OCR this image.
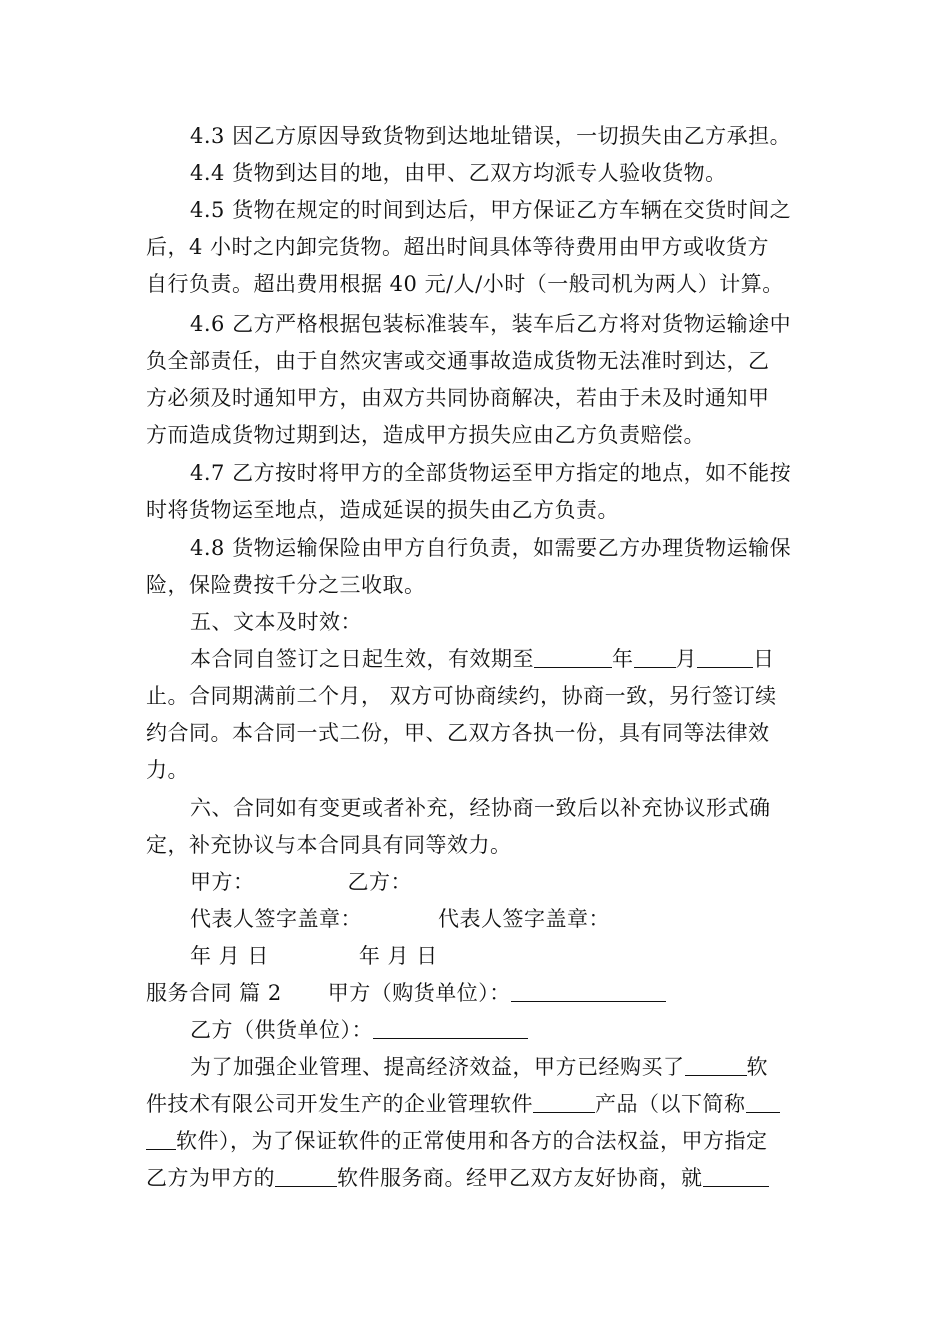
4.3 因乙方原因导致货物到达地址错误，一切损失由乙方承担。
4.4 货物到达目的地，由甲、乙双方均派专人验收货物。
4.5 货物在规定的时间到达后，甲方保证乙方车辆在交货时间之
后，4 小时之内卸完货物。超出时间具体等待费用由甲方或收货方
自行负责。超出费用根据 40 元/人/小时（一般司机为两人）计算。
4.6 乙方严格根据包装标准装车，装车后乙方将对货物运输途中
负全部责任，由于自然灾害或交通事故造成货物无法准时到达，乙
方必须及时通知甲方，由双方共同协商解决，若由于未及时通知甲
方而造成货物过期到达，造成甲方损失应由乙方负责赔偿。
4.7 乙方按时将甲方的全部货物运至甲方指定的地点，如不能按
时将货物运至地点，造成延误的损失由乙方负责。
4.8 货物运输保险由甲方自行负责，如需要乙方办理货物运输保
险，保险费按千分之三收取。
五、文本及时效：
本合同自签订之日起生效，有效期至	年 月	日
止。合同期满前二个月， 双方可协商续约，协商一致，另行签订续
约合同。本合同一式二份，甲、乙双方各执一份，具有同等法律效
力。
六、合同如有变更或者补充，经协商一致后以补充协议形式确
定，补充协议与本合同具有同等效力。
甲方：	乙方：
代表人签字盖章：	代表人签字盖章：
年 月 日	年 月 日
服务合同 篇 2 甲方（购货单位）：
乙方（供货单位）：
为了加强企业管理、提高经济效益，甲方已经购买了	软
件技术有限公司开发生产的企业管理软件	产品（以下简称
软件），为了保证软件的正常使用和各方的合法权益，甲方指定
乙方为甲方的	软件服务商。经甲乙双方友好协商，就
